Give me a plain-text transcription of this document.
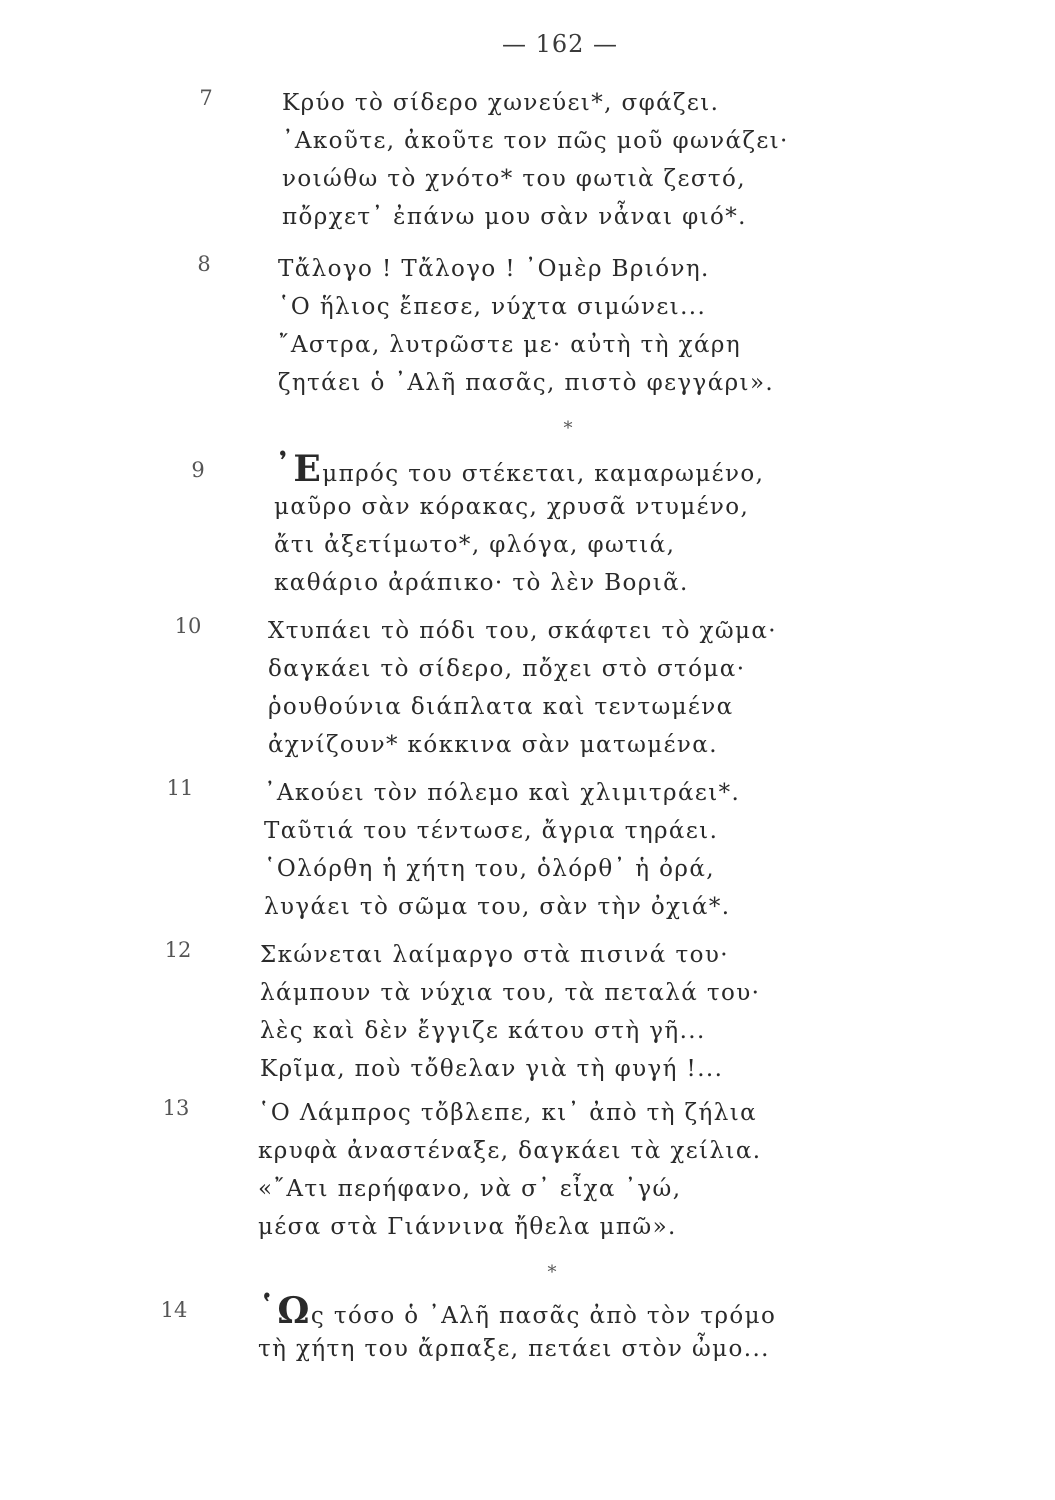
— 162 —
7	Κρύο τὸ σίδερο χωνεύει*, σφάζει.
᾿Ακοῦτε, ἀκοῦτε τον πῶς μοῦ φωνάζει·
νοιώθω τὸ χνότο* του φωτιὰ ζεστό,
πὄρχετ᾽ ἐπάνω μου σὰν νἆναι φιό*.
8	Τἄλογο ! Τἄλογο ! ᾿Ομὲρ Βριόνη.
῾Ο ἥλιος ἔπεσε, νύχτα σιμώνει...
῎Αστρα, λυτρῶστε με· αὐτὴ τὴ χάρη
ζητάει ὁ ᾿Αλῆ πασᾶς, πιστὸ φεγγάρι».
*
9	᾿Εμπρός του στέκεται, καμαρωμένο,
μαῦρο σὰν κόρακας, χρυσᾶ ντυμένο,
ἄτι ἀξετίμωτο*, φλόγα, φωτιά,
καθάριο ἀράπικο· τὸ λὲν Βοριᾶ.
10	Χτυπάει τὸ πόδι του, σκάφτει τὸ χῶμα·
δαγκάει τὸ σίδερο, πὄχει στὸ στόμα·
ῥουθούνια διάπλατα καὶ τεντωμένα
ἀχνίζουν* κόκκινα σὰν ματωμένα.
11	᾿Ακούει τὸν πόλεμο καὶ χλιμιτράει*.
Ταῦτιά του τέντωσε, ἄγρια τηράει.
῾Ολόρθη ἡ χήτη του, ὁλόρθ᾽ ἡ ὀρά,
λυγάει τὸ σῶμα του, σὰν τὴν ὀχιά*.
12	Σκώνεται λαίμαργο στὰ πισινά του·
λάμπουν τὰ νύχια του, τὰ πεταλά του·
λὲς καὶ δὲν ἔγγιζε κάτου στὴ γῆ...
Κρῖμα, ποὺ τὄθελαν γιὰ τὴ φυγή !...
13	῾Ο Λάμπρος τὄβλεπε, κι᾽ ἀπὸ τὴ ζήλια
κρυφὰ ἀναστέναξε, δαγκάει τὰ χείλια.
«῎Ατι περήφανο, νὰ σ᾽ εἶχα ᾿γώ,
μέσα στὰ Γιάννινα ἤθελα μπῶ».
*
14	῾Ως τόσο ὁ ᾿Αλῆ πασᾶς ἀπὸ τὸν τρόμο
τὴ χήτη του ἄρπαξε, πετάει στὸν ὦμο...
